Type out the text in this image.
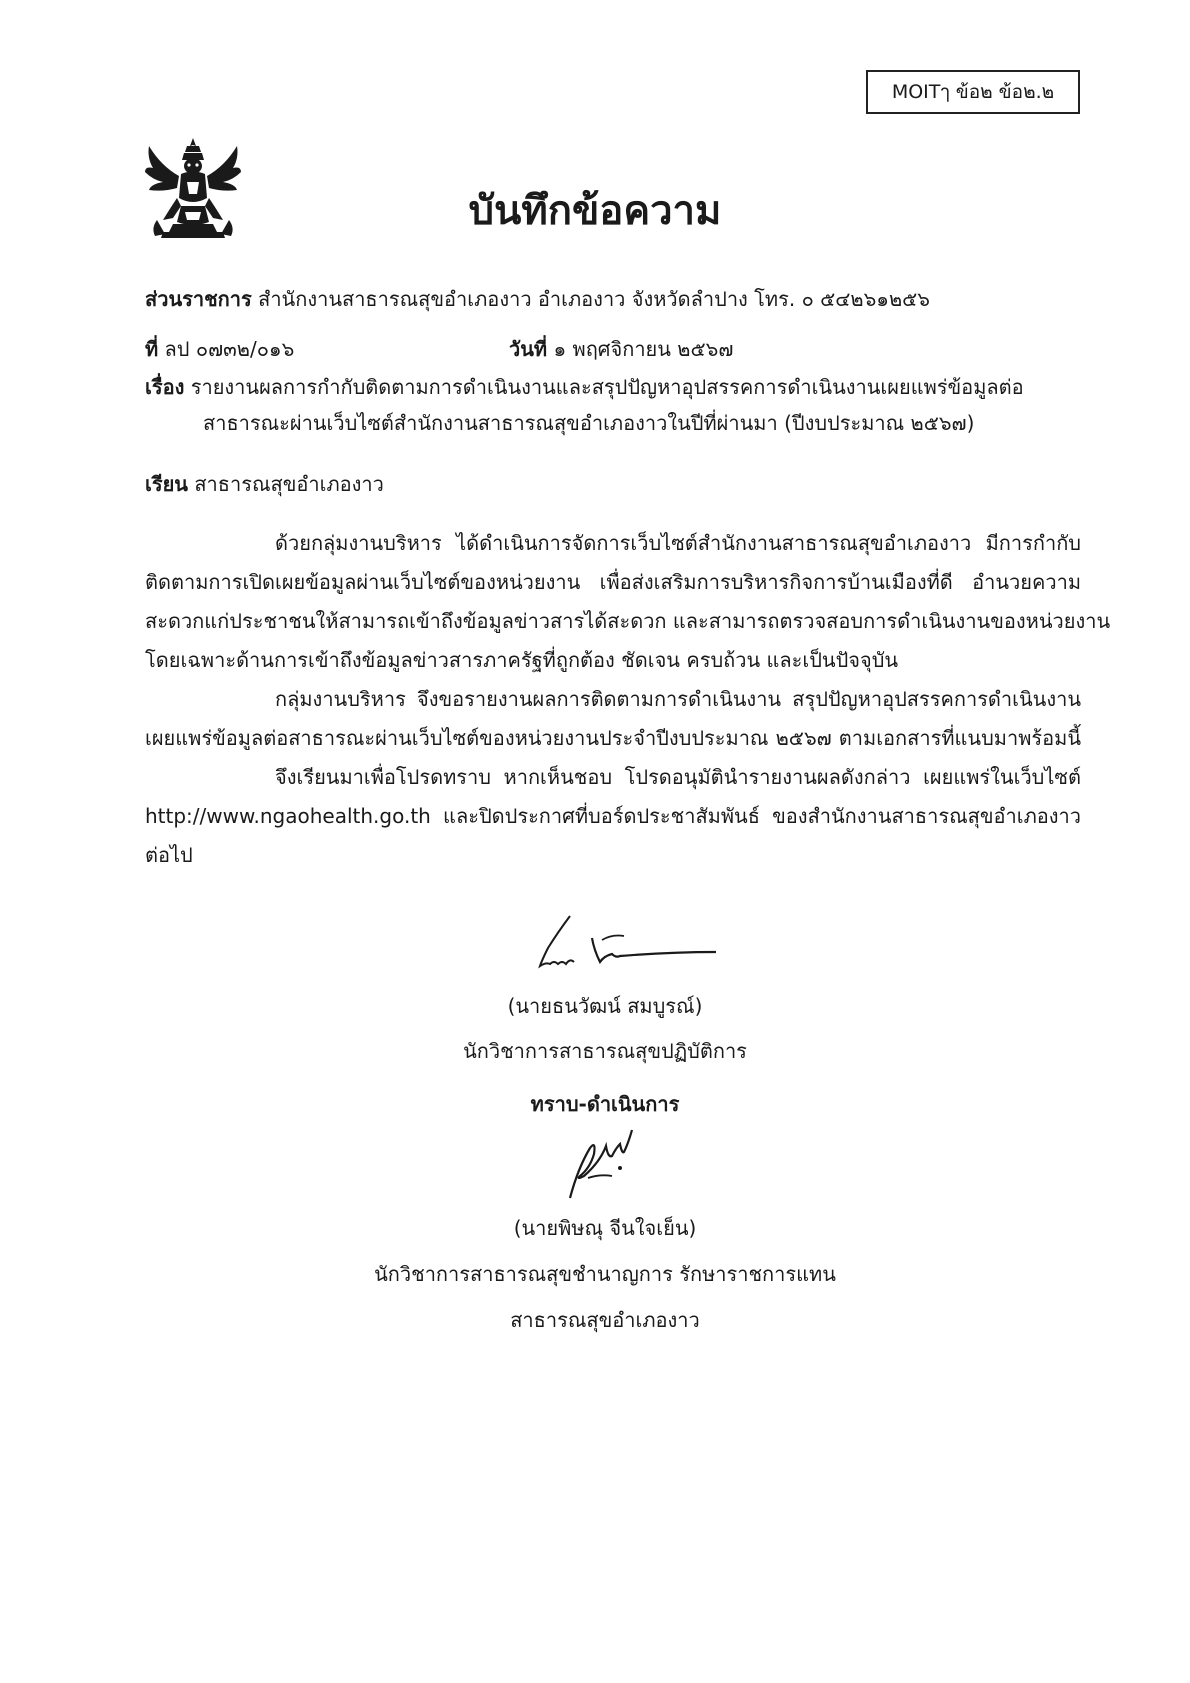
MOITๅ ข้อ๒ ข้อ๒.๒
บันทึกข้อความ
ส่วนราชการ สำนักงานสาธารณสุขอำเภองาว อำเภองาว จังหวัดลำปาง โทร. ๐ ๕๔๒๖๑๒๕๖
ที่ ลป ๐๗๓๒/๐๑๖	วันที่ ๑ พฤศจิกายน ๒๕๖๗
เรื่อง รายงานผลการกำกับติดตามการดำเนินงานและสรุปปัญหาอุปสรรคการดำเนินงานเผยแพร่ข้อมูลต่อ
สาธารณะผ่านเว็บไซต์สำนักงานสาธารณสุขอำเภองาวในปีที่ผ่านมา (ปีงบประมาณ ๒๕๖๗)
เรียน สาธารณสุขอำเภองาว
ด้วยกลุ่มงานบริหาร ได้ดำเนินการจัดการเว็บไซต์สำนักงานสาธารณสุขอำเภองาว มีการกำกับ
ติดตามการเปิดเผยข้อมูลผ่านเว็บไซต์ของหน่วยงาน เพื่อส่งเสริมการบริหารกิจการบ้านเมืองที่ดี อำนวยความ
สะดวกแก่ประชาชนให้สามารถเข้าถึงข้อมูลข่าวสารได้สะดวก และสามารถตรวจสอบการดำเนินงานของหน่วยงาน
โดยเฉพาะด้านการเข้าถึงข้อมูลข่าวสารภาครัฐที่ถูกต้อง ชัดเจน ครบถ้วน และเป็นปัจจุบัน
กลุ่มงานบริหาร จึงขอรายงานผลการติดตามการดำเนินงาน สรุปปัญหาอุปสรรคการดำเนินงาน
เผยแพร่ข้อมูลต่อสาธารณะผ่านเว็บไซต์ของหน่วยงานประจำปีงบประมาณ ๒๕๖๗ ตามเอกสารที่แนบมาพร้อมนี้
จึงเรียนมาเพื่อโปรดทราบ หากเห็นชอบ โปรดอนุมัตินำรายงานผลดังกล่าว เผยแพร่ในเว็บไซต์
http://www.ngaohealth.go.th และปิดประกาศที่บอร์ดประชาสัมพันธ์ ของสำนักงานสาธารณสุขอำเภองาว
ต่อไป
(นายธนวัฒน์ สมบูรณ์)
นักวิชาการสาธารณสุขปฏิบัติการ
ทราบ-ดำเนินการ
(นายพิษณุ จีนใจเย็น)
นักวิชาการสาธารณสุขชำนาญการ รักษาราชการแทน
สาธารณสุขอำเภองาว
